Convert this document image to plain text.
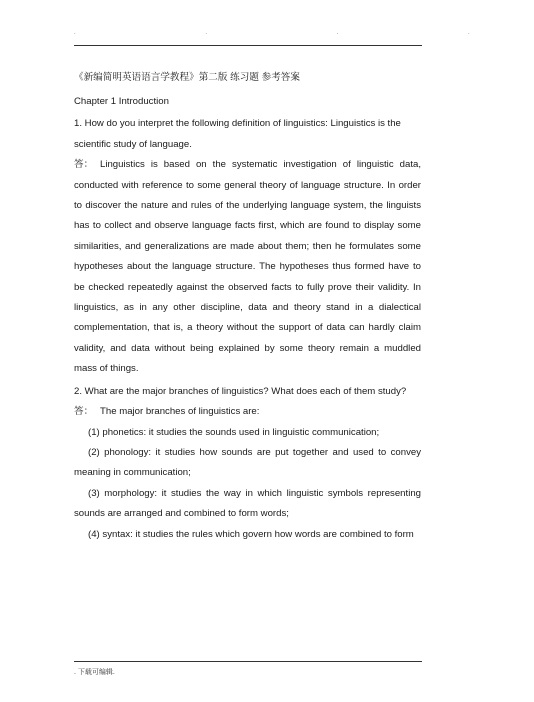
. . . .

《新编简明英语语言学教程》第二版 练习题 参考答案

Chapter 1 Introduction

1. How do you interpret the following definition of linguistics: Linguistics is the scientific study of language.

答： Linguistics is based on the systematic investigation of linguistic data, conducted with reference to some general theory of language structure. In order to discover the nature and rules of the underlying language system, the linguists has to collect and observe language facts first, which are found to display some similarities, and generalizations are made about them; then he formulates some hypotheses about the language structure. The hypotheses thus formed have to be checked repeatedly against the observed facts to fully prove their validity. In linguistics, as in any other discipline, data and theory stand in a dialectical complementation, that is, a theory without the support of data can hardly claim validity, and data without being explained by some theory remain a muddled mass of things.

2. What are the major branches of linguistics? What does each of them study?

答： The major branches of linguistics are:

(1) phonetics: it studies the sounds used in linguistic communication;

(2) phonology: it studies how sounds are put together and used to convey meaning in communication;

(3) morphology: it studies the way in which linguistic symbols representing sounds are arranged and combined to form words;

(4) syntax: it studies the rules which govern how words are combined to form

. 下载可编辑.
